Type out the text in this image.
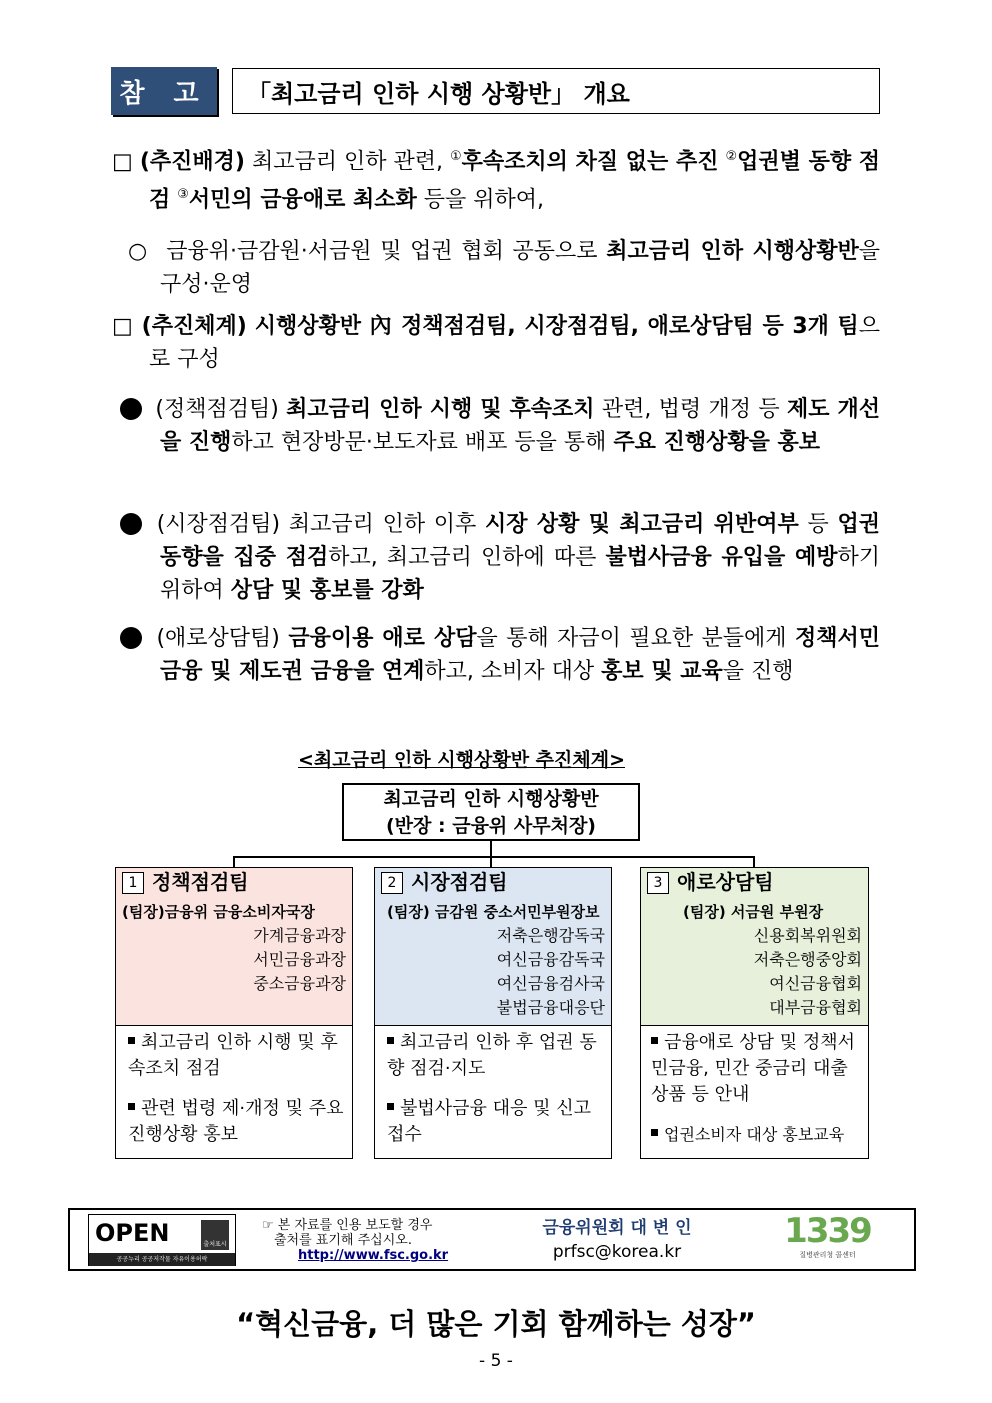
참 고	「최고금리 인하 시행 상황반」 개요
□ (추진배경) 최고금리 인하 관련, ①후속조치의 차질 없는 추진 ②업권별 동향 점검 ③서민의 금융애로 최소화 등을 위하여,
○ 금융위·금감원·서금원 및 업권 협회 공동으로 최고금리 인하 시행상황반을 구성·운영
□ (추진체계) 시행상황반 內 정책점검팀, 시장점검팀, 애로상담팀 등 3개 팀으로 구성
1 (정책점검팀) 최고금리 인하 시행 및 후속조치 관련, 법령 개정 등 제도 개선을 진행하고 현장방문·보도자료 배포 등을 통해 주요 진행상황을 홍보
2 (시장점검팀) 최고금리 인하 이후 시장 상황 및 최고금리 위반여부 등 업권 동향을 집중 점검하고, 최고금리 인하에 따른 불법사금융 유입을 예방하기 위하여 상담 및 홍보를 강화
3 (애로상담팀) 금융이용 애로 상담을 통해 자금이 필요한 분들에게 정책서민금융 및 제도권 금융을 연계하고, 소비자 대상 홍보 및 교육을 진행
<최고금리 인하 시행상황반 추진체계>
최고금리 인하 시행상황반
(반장 : 금융위 사무처장)
1 정책점검팀
(팀장)금융위 금융소비자국장
가계금융과장
서민금융과장
중소금융과장
최고금리 인하 시행 및 후속조치 점검
관련 법령 제·개정 및 주요 진행상황 홍보
2 시장점검팀
(팀장) 금감원 중소서민부원장보
저축은행감독국
여신금융감독국
여신금융검사국
불법금융대응단
최고금리 인하 후 업권 동향 점검·지도
불법사금융 대응 및 신고 접수
3 애로상담팀
(팀장) 서금원 부원장
신용회복위원회
저축은행중앙회
여신금융협회
대부금융협회
금융애로 상담 및 정책서민금융, 민간 중금리 대출상품 등 안내
업권소비자 대상 홍보교육
OPEN	출처표시
공공누리 공공저작물 자유이용허락
☞ 본 자료를 인용 보도할 경우
출처를 표기해 주십시오.
http://www.fsc.go.kr
금융위원회 대 변 인
prfsc@korea.kr
1339
질병관리청 콜센터
“혁신금융, 더 많은 기회 함께하는 성장”
- 5 -
